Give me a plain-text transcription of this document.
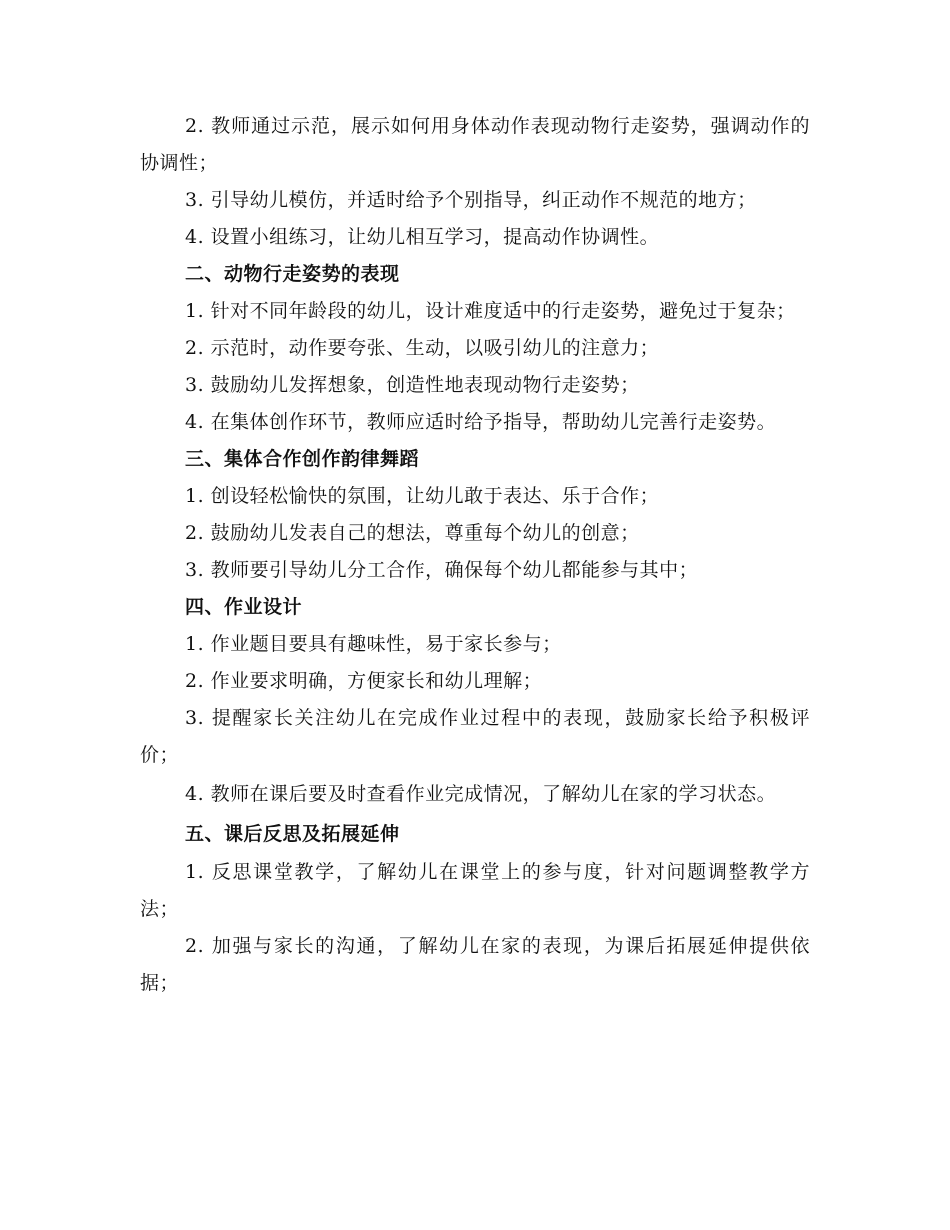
2. 教师通过示范，展示如何用身体动作表现动物行走姿势，强调动作的协调性；

3. 引导幼儿模仿，并适时给予个别指导，纠正动作不规范的地方；

4. 设置小组练习，让幼儿相互学习，提高动作协调性。

二、动物行走姿势的表现

1. 针对不同年龄段的幼儿，设计难度适中的行走姿势，避免过于复杂；

2. 示范时，动作要夸张、生动，以吸引幼儿的注意力；

3. 鼓励幼儿发挥想象，创造性地表现动物行走姿势；

4. 在集体创作环节，教师应适时给予指导，帮助幼儿完善行走姿势。

三、集体合作创作韵律舞蹈

1. 创设轻松愉快的氛围，让幼儿敢于表达、乐于合作；

2. 鼓励幼儿发表自己的想法，尊重每个幼儿的创意；

3. 教师要引导幼儿分工合作，确保每个幼儿都能参与其中；

四、作业设计

1. 作业题目要具有趣味性，易于家长参与；

2. 作业要求明确，方便家长和幼儿理解；

3. 提醒家长关注幼儿在完成作业过程中的表现，鼓励家长给予积极评价；

4. 教师在课后要及时查看作业完成情况，了解幼儿在家的学习状态。

五、课后反思及拓展延伸

1. 反思课堂教学，了解幼儿在课堂上的参与度，针对问题调整教学方法；

2. 加强与家长的沟通，了解幼儿在家的表现，为课后拓展延伸提供依据；
